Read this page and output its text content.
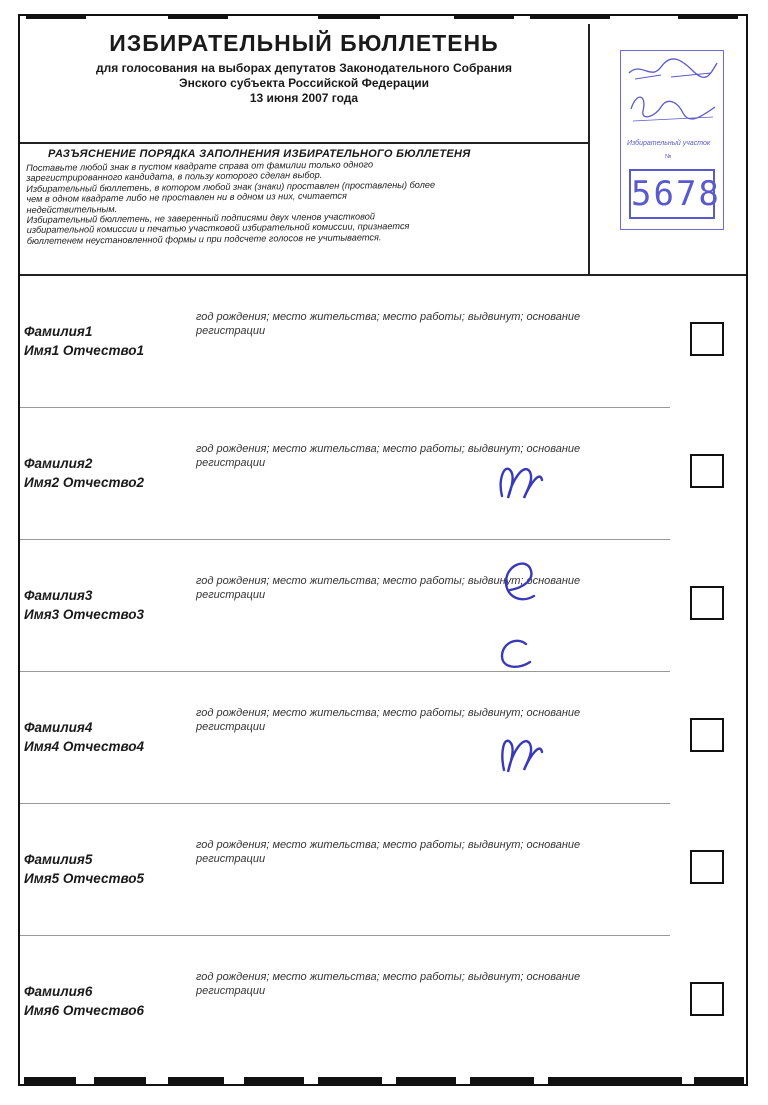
ИЗБИРАТЕЛЬНЫЙ БЮЛЛЕТЕНЬ
для голосования на выборах депутатов Законодательного Собрания
Энского субъекта Российской Федерации
13 июня 2007 года
РАЗЪЯСНЕНИЕ ПОРЯДКА ЗАПОЛНЕНИЯ ИЗБИРАТЕЛЬНОГО БЮЛЛЕТЕНЯ

Поставьте любой знак в пустом квадрате справа от фамилии только одного

зарегистрированного кандидата, в пользу которого сделан выбор.

Избирательный бюллетень, в котором любой знак (знаки) проставлен (проставлены) более

чем в одном квадрате либо не проставлен ни в одном из них, считается

недействительным.

Избирательный бюллетень, не заверенный подписями двух членов участковой

избирательной комиссии и печатью участковой избирательной комиссии, признается

бюллетенем неустановленной формы и при подсчете голосов не учитывается.

Избирательный участок
№
5678
Фамилия1
Имя1 Отчество1
год рождения; место жительства; место работы; выдвинут; основание регистрации
Фамилия2
Имя2 Отчество2
год рождения; место жительства; место работы; выдвинут; основание регистрации
Фамилия3
Имя3 Отчество3
год рождения; место жительства; место работы; выдвинут; основание регистрации
Фамилия4
Имя4 Отчество4
год рождения; место жительства; место работы; выдвинут; основание регистрации
Фамилия5
Имя5 Отчество5
год рождения; место жительства; место работы; выдвинут; основание регистрации
Фамилия6
Имя6 Отчество6
год рождения; место жительства; место работы; выдвинут; основание регистрации
